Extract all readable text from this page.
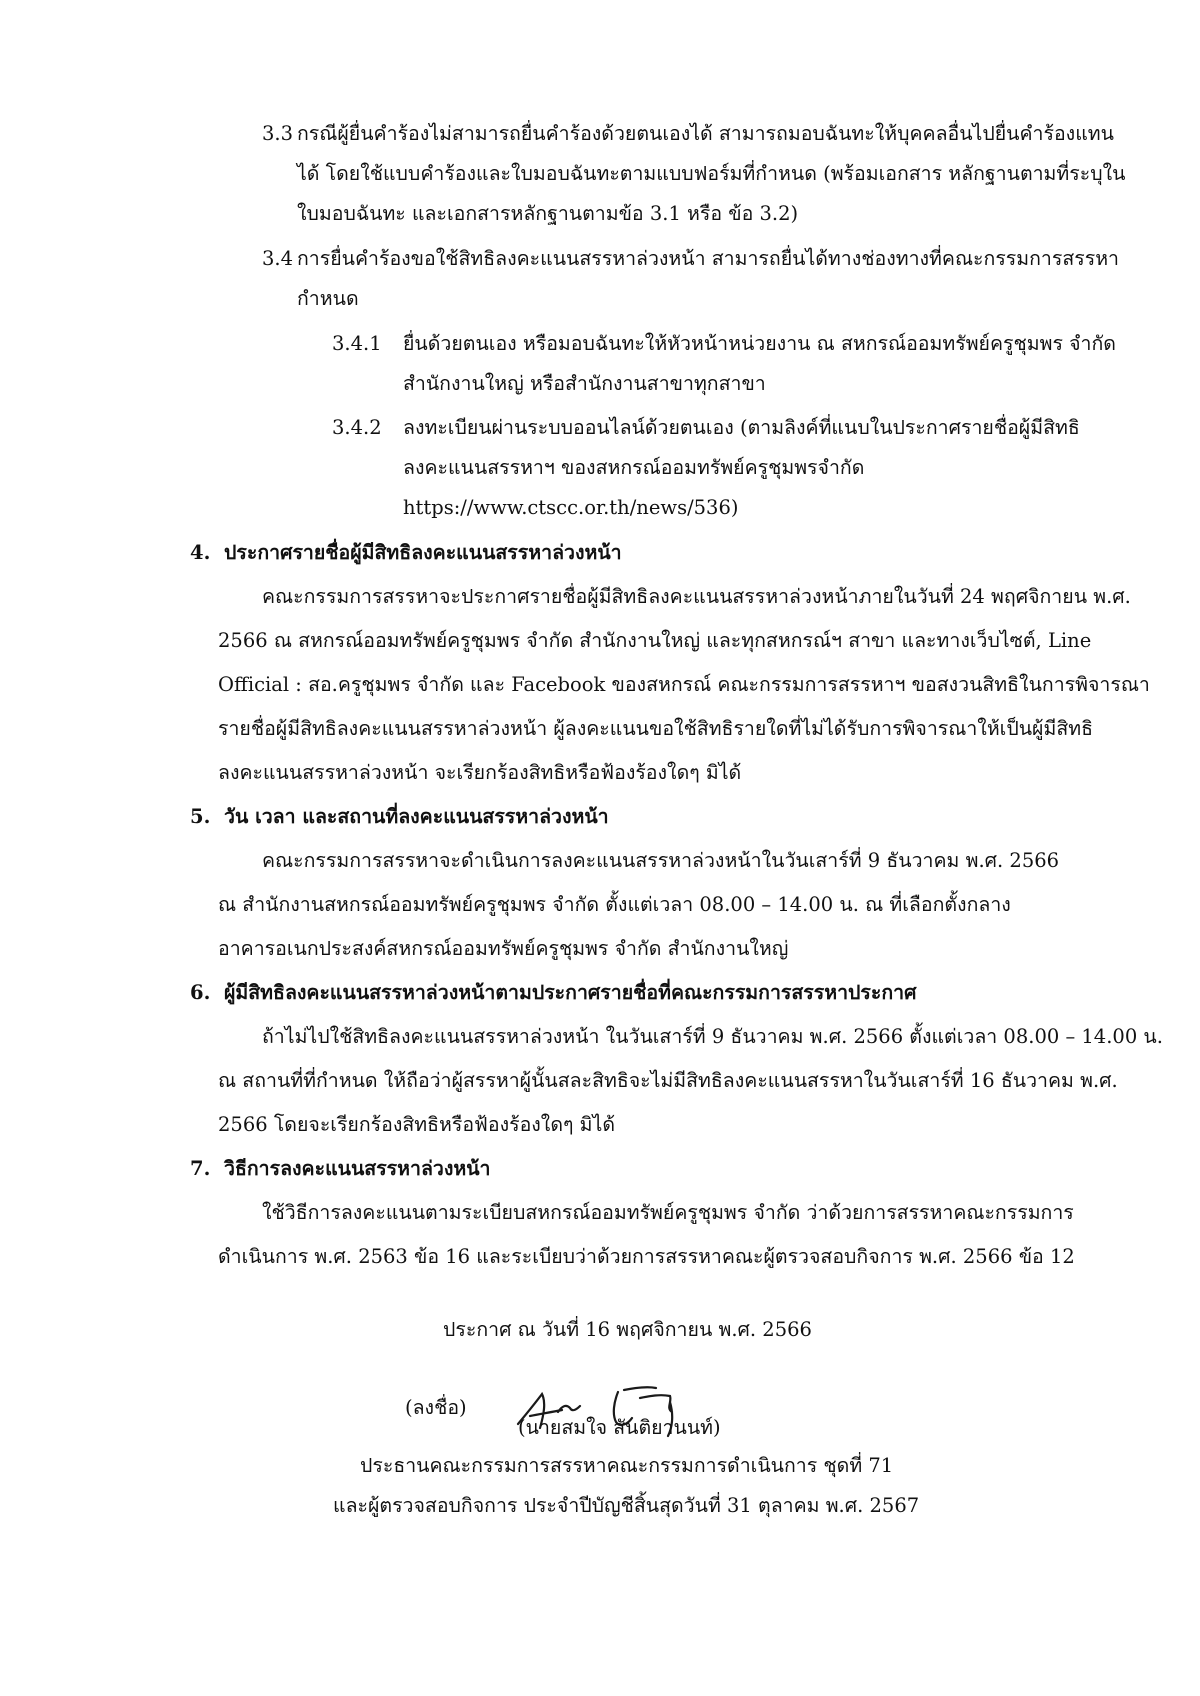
3.3 กรณีผู้ยื่นคำร้องไม่สามารถยื่นคำร้องด้วยตนเองได้ สามารถมอบฉันทะให้บุคคลอื่นไปยื่นคำร้องแทน
ได้ โดยใช้แบบคำร้องและใบมอบฉันทะตามแบบฟอร์มที่กำหนด (พร้อมเอกสาร หลักฐานตามที่ระบุใน
ใบมอบฉันทะ และเอกสารหลักฐานตามข้อ 3.1 หรือ ข้อ 3.2)
3.4 การยื่นคำร้องขอใช้สิทธิลงคะแนนสรรหาล่วงหน้า สามารถยื่นได้ทางช่องทางที่คณะกรรมการสรรหา
กำหนด
3.4.1 ยื่นด้วยตนเอง หรือมอบฉันทะให้หัวหน้าหน่วยงาน ณ สหกรณ์ออมทรัพย์ครูชุมพร จำกัด
สำนักงานใหญ่ หรือสำนักงานสาขาทุกสาขา
3.4.2 ลงทะเบียนผ่านระบบออนไลน์ด้วยตนเอง (ตามลิงค์ที่แนบในประกาศรายชื่อผู้มีสิทธิ
ลงคะแนนสรรหาฯ ของสหกรณ์ออมทรัพย์ครูชุมพรจำกัด
https://www.ctscc.or.th/news/536)
4. ประกาศรายชื่อผู้มีสิทธิลงคะแนนสรรหาล่วงหน้า
คณะกรรมการสรรหาจะประกาศรายชื่อผู้มีสิทธิลงคะแนนสรรหาล่วงหน้าภายในวันที่ 24 พฤศจิกายน พ.ศ.
2566 ณ สหกรณ์ออมทรัพย์ครูชุมพร จำกัด สำนักงานใหญ่ และทุกสหกรณ์ฯ สาขา และทางเว็บไซต์, Line
Official : สอ.ครูชุมพร จำกัด และ Facebook ของสหกรณ์ คณะกรรมการสรรหาฯ ขอสงวนสิทธิในการพิจารณา
รายชื่อผู้มีสิทธิลงคะแนนสรรหาล่วงหน้า ผู้ลงคะแนนขอใช้สิทธิรายใดที่ไม่ได้รับการพิจารณาให้เป็นผู้มีสิทธิ
ลงคะแนนสรรหาล่วงหน้า จะเรียกร้องสิทธิหรือฟ้องร้องใดๆ มิได้
5. วัน เวลา และสถานที่ลงคะแนนสรรหาล่วงหน้า
คณะกรรมการสรรหาจะดำเนินการลงคะแนนสรรหาล่วงหน้าในวันเสาร์ที่ 9 ธันวาคม พ.ศ. 2566
ณ สำนักงานสหกรณ์ออมทรัพย์ครูชุมพร จำกัด ตั้งแต่เวลา 08.00 – 14.00 น. ณ ที่เลือกตั้งกลาง
อาคารอเนกประสงค์สหกรณ์ออมทรัพย์ครูชุมพร จำกัด สำนักงานใหญ่
6. ผู้มีสิทธิลงคะแนนสรรหาล่วงหน้าตามประกาศรายชื่อที่คณะกรรมการสรรหาประกาศ
ถ้าไม่ไปใช้สิทธิลงคะแนนสรรหาล่วงหน้า ในวันเสาร์ที่ 9 ธันวาคม พ.ศ. 2566 ตั้งแต่เวลา 08.00 – 14.00 น.
ณ สถานที่ที่กำหนด ให้ถือว่าผู้สรรหาผู้นั้นสละสิทธิจะไม่มีสิทธิลงคะแนนสรรหาในวันเสาร์ที่ 16 ธันวาคม พ.ศ.
2566 โดยจะเรียกร้องสิทธิหรือฟ้องร้องใดๆ มิได้
7. วิธีการลงคะแนนสรรหาล่วงหน้า
ใช้วิธีการลงคะแนนตามระเบียบสหกรณ์ออมทรัพย์ครูชุมพร จำกัด ว่าด้วยการสรรหาคณะกรรมการ
ดำเนินการ พ.ศ. 2563 ข้อ 16 และระเบียบว่าด้วยการสรรหาคณะผู้ตรวจสอบกิจการ พ.ศ. 2566 ข้อ 12
ประกาศ ณ วันที่ 16 พฤศจิกายน พ.ศ. 2566
(ลงชื่อ)
(นายสมใจ สันติยานนท์)
ประธานคณะกรรมการสรรหาคณะกรรมการดำเนินการ ชุดที่ 71
และผู้ตรวจสอบกิจการ ประจำปีบัญชีสิ้นสุดวันที่ 31 ตุลาคม พ.ศ. 2567
